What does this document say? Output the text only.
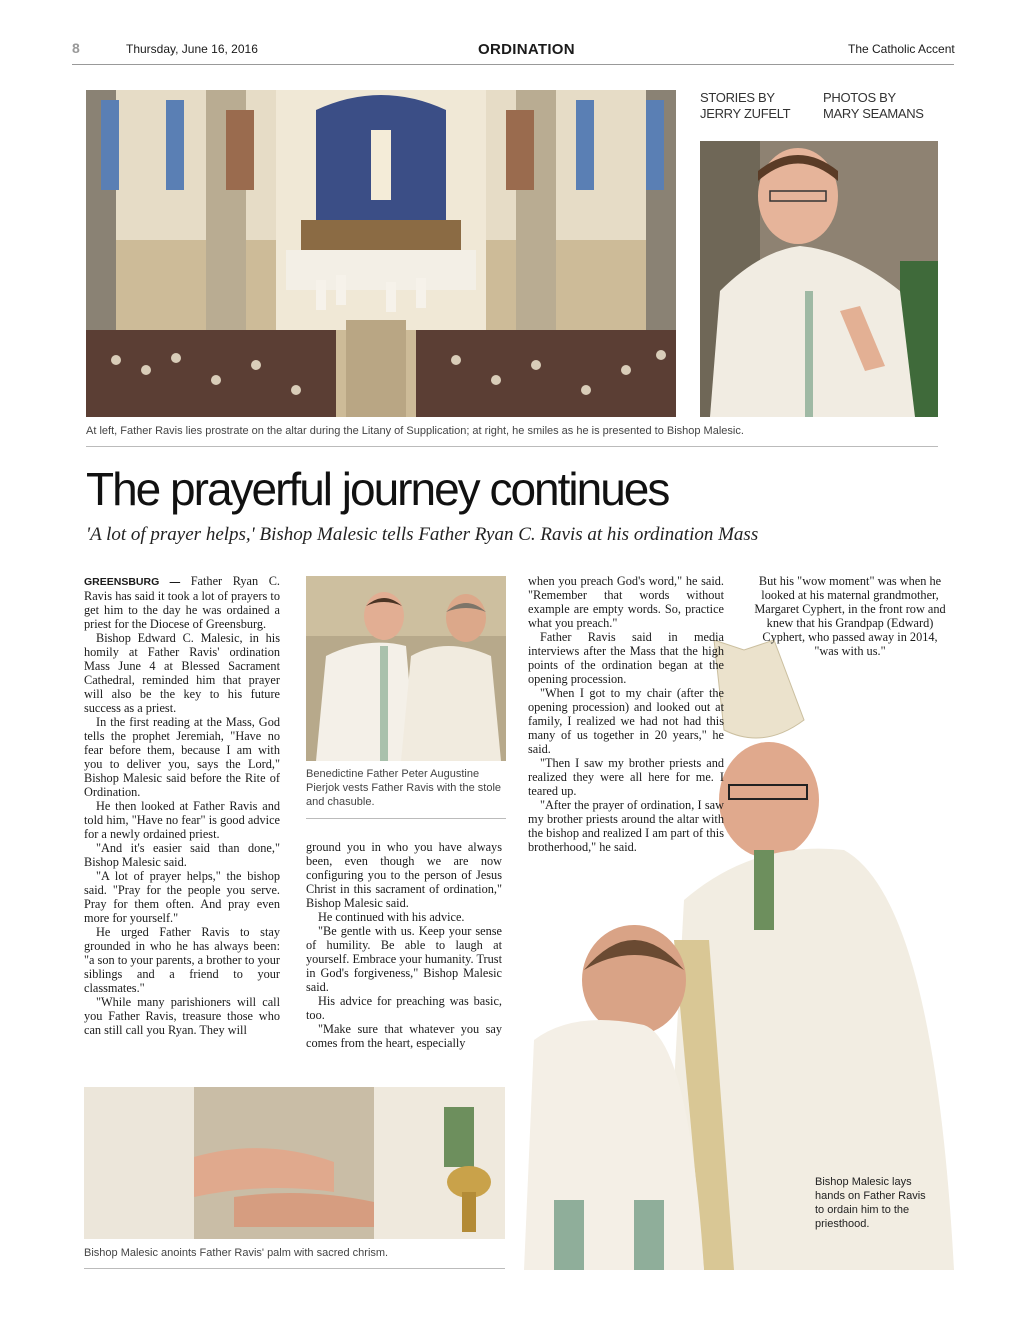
8	Thursday, June 16, 2016	ORDINATION	The Catholic Accent
STORIES BY
JERRY ZUFELT
PHOTOS BY
MARY SEAMANS
At left, Father Ravis lies prostrate on the altar during the Litany of Supplication; at right, he smiles as he is presented to Bishop Malesic.
The prayerful journey continues
'A lot of prayer helps,' Bishop Malesic tells Father Ryan C. Ravis at his ordination Mass

GREENSBURG — Father Ryan C. Ravis has said it took a lot of prayers to get him to the day he was ordained a priest for the Diocese of Greensburg.

Bishop Edward C. Malesic, in his homily at Father Ravis' ordination Mass June 4 at Blessed Sacrament Cathedral, reminded him that prayer will also be the key to his future success as a priest.

In the first reading at the Mass, God tells the prophet Jeremiah, "Have no fear before them, because I am with you to deliver you, says the Lord," Bishop Malesic said before the Rite of Ordination.

He then looked at Father Ravis and told him, "Have no fear" is good advice for a newly ordained priest.

"And it's easier said than done," Bishop Malesic said.

"A lot of prayer helps," the bishop said. "Pray for the people you serve. Pray for them often. And pray even more for yourself."

He urged Father Ravis to stay grounded in who he has always been: "a son to your parents, a brother to your siblings and a friend to your classmates."

"While many parishioners will call you Father Ravis, treasure those who can still call you Ryan. They will

Benedictine Father Peter Augustine Pierjok vests Father Ravis with the stole and chasuble.

ground you in who you have always been, even though we are now configuring you to the person of Jesus Christ in this sacrament of ordination," Bishop Malesic said.

He continued with his advice.

"Be gentle with us. Keep your sense of humility. Be able to laugh at yourself. Embrace your humanity. Trust in God's forgiveness," Bishop Malesic said.

His advice for preaching was basic, too.

"Make sure that whatever you say comes from the heart, especially

when you preach God's word," he said. "Remember that words without example are empty words. So, practice what you preach."

Father Ravis said in media interviews after the Mass that the high points of the ordination began at the opening procession.

"When I got to my chair (after the opening procession) and looked out at family, I realized we had not had this many of us together in 20 years," he said.

"Then I saw my brother priests and realized they were all here for me. I teared up.

"After the prayer of ordination, I saw my brother priests around the altar with the bishop and realized I am part of this brotherhood," he said.

But his "wow moment" was when he looked at his maternal grandmother, Margaret Cyphert, in the front row and knew that his Grandpap (Edward) Cyphert, who passed away in 2014, "was with us."

Bishop Malesic lays hands on Father Ravis to ordain him to the priesthood.
Bishop Malesic anoints Father Ravis' palm with sacred chrism.
